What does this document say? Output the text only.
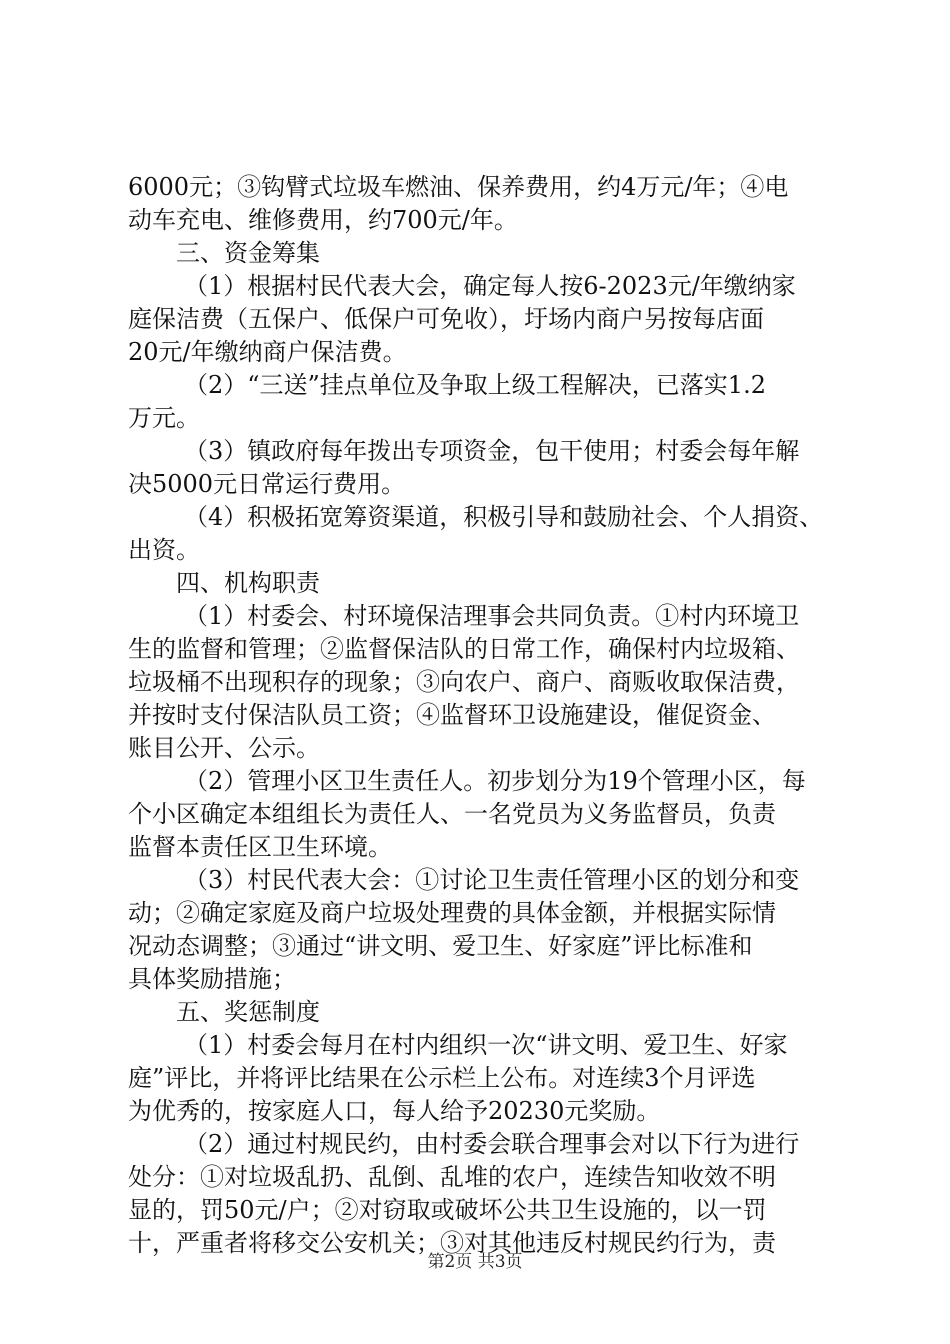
6000元；③钩臂式垃圾车燃油、保养费用，约4万元/年；④电
动车充电、维修费用，约700元/年。
三、资金筹集
（1）根据村民代表大会，确定每人按6-2023元/年缴纳家
庭保洁费（五保户、低保户可免收），圩场内商户另按每店面
20元/年缴纳商户保洁费。
（2）“三送”挂点单位及争取上级工程解决，已落实1.2
万元。
（3）镇政府每年拨出专项资金，包干使用；村委会每年解
决5000元日常运行费用。
（4）积极拓宽筹资渠道，积极引导和鼓励社会、个人捐资、
出资。
四、机构职责
（1）村委会、村环境保洁理事会共同负责。①村内环境卫
生的监督和管理；②监督保洁队的日常工作，确保村内垃圾箱、
垃圾桶不出现积存的现象；③向农户、商户、商贩收取保洁费，
并按时支付保洁队员工资；④监督环卫设施建设，催促资金、
账目公开、公示。
（2）管理小区卫生责任人。初步划分为19个管理小区，每
个小区确定本组组长为责任人、一名党员为义务监督员，负责
监督本责任区卫生环境。
（3）村民代表大会：①讨论卫生责任管理小区的划分和变
动；②确定家庭及商户垃圾处理费的具体金额，并根据实际情
况动态调整；③通过“讲文明、爱卫生、好家庭”评比标准和
具体奖励措施；
五、奖惩制度
（1）村委会每月在村内组织一次“讲文明、爱卫生、好家
庭”评比，并将评比结果在公示栏上公布。对连续3个月评选
为优秀的，按家庭人口，每人给予20230元奖励。
（2）通过村规民约，由村委会联合理事会对以下行为进行
处分：①对垃圾乱扔、乱倒、乱堆的农户，连续告知收效不明
显的，罚50元/户；②对窃取或破坏公共卫生设施的，以一罚
十，严重者将移交公安机关；③对其他违反村规民约行为，责
第2页 共3页
